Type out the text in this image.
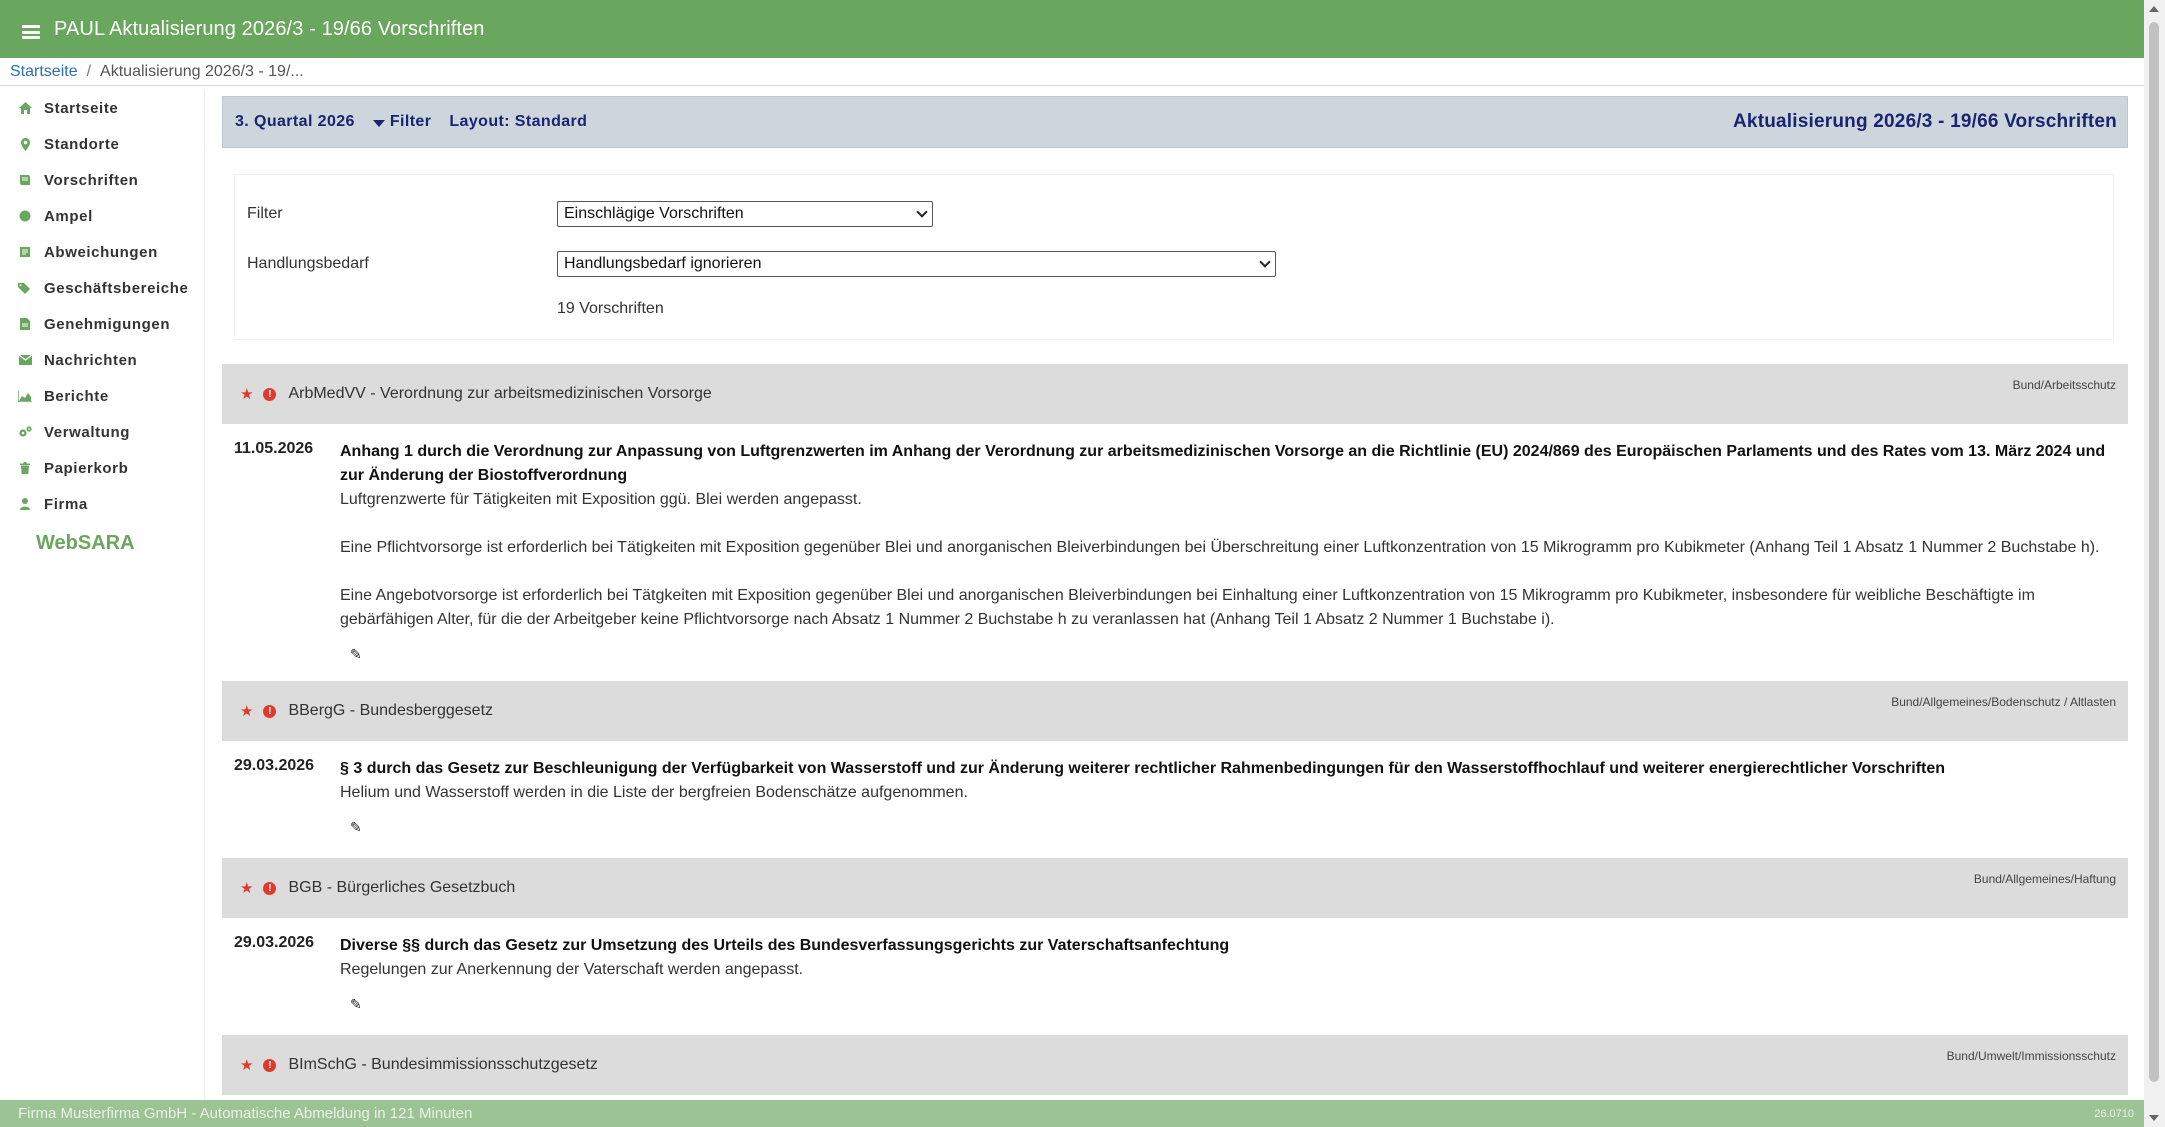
PAUL Aktualisierung 2026/3 - 19/66 Vorschriften
Startseite / Aktualisierung 2026/3 - 19/...
Startseite
Standorte
Vorschriften
Ampel
Abweichungen
Geschäftsbereiche
Genehmigungen
Nachrichten
Berichte
Verwaltung
Papierkorb
Firma
WebSARA
3. Quartal 2026 Filter Layout: Standard	Aktualisierung 2026/3 - 19/66 Vorschriften
Filter	Einschlägige Vorschriften
Handlungsbedarf	Handlungsbedarf ignorieren
19 Vorschriften
★	!	ArbMedVV - Verordnung zur arbeitsmedizinischen Vorsorge	Bund/Arbeitsschutz
11.05.2026	Anhang 1 durch die Verordnung zur Anpassung von Luftgrenzwerten im Anhang der Verordnung zur arbeitsmedizinischen Vorsorge an die Richtlinie (EU) 2024/869 des Europäischen Parlaments und des Rates vom 13. März 2024 und zur Änderung der Biostoffverordnung

Luftgrenzwerte für Tätigkeiten mit Exposition ggü. Blei werden angepasst.

Eine Pflichtvorsorge ist erforderlich bei Tätigkeiten mit Exposition gegenüber Blei und anorganischen Bleiverbindungen bei Überschreitung einer Luftkonzentration von 15 Mikrogramm pro Kubikmeter (Anhang Teil 1 Absatz 1 Nummer 2 Buchstabe h).

Eine Angebotvorsorge ist erforderlich bei Tätgkeiten mit Exposition gegenüber Blei und anorganischen Bleiverbindungen bei Einhaltung einer Luftkonzentration von 15 Mikrogramm pro Kubikmeter, insbesondere für weibliche Beschäftigte im gebärfähigen Alter, für die der Arbeitgeber keine Pflichtvorsorge nach Absatz 1 Nummer 2 Buchstabe h zu veranlassen hat (Anhang Teil 1 Absatz 2 Nummer 1 Buchstabe i).

✎
★	!	BBergG - Bundesberggesetz	Bund/Allgemeines/Bodenschutz / Altlasten
29.03.2026	§ 3 durch das Gesetz zur Beschleunigung der Verfügbarkeit von Wasserstoff und zur Änderung weiterer rechtlicher Rahmenbedingungen für den Wasserstoffhochlauf und weiterer energierechtlicher Vorschriften

Helium und Wasserstoff werden in die Liste der bergfreien Bodenschätze aufgenommen.

✎
★	!	BGB - Bürgerliches Gesetzbuch	Bund/Allgemeines/Haftung
29.03.2026	Diverse §§ durch das Gesetz zur Umsetzung des Urteils des Bundesverfassungsgerichts zur Vaterschaftsanfechtung

Regelungen zur Anerkennung der Vaterschaft werden angepasst.

✎
★	!	BImSchG - Bundesimmissionsschutzgesetz	Bund/Umwelt/Immissionsschutz
Firma Musterfirma GmbH - Automatische Abmeldung in 121 Minuten	26.0710
